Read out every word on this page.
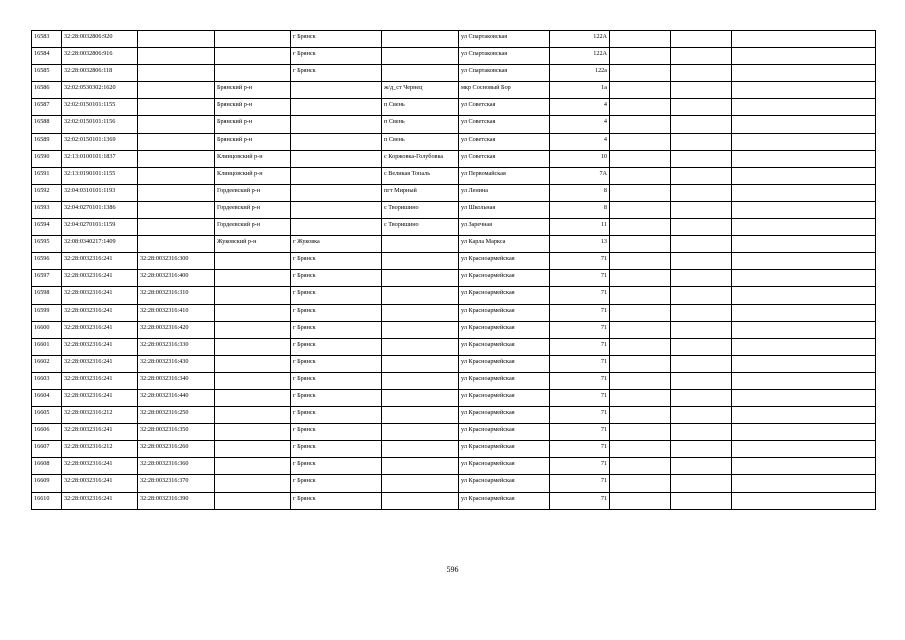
16583	32:28:0032806:920			г Брянск		ул Спартаковская	122А			
16584	32:28:0032806:916			г Брянск		ул Спартаковская	122А			
16585	32:28:0032806:118			г Брянск		ул Спартаковская	122а			
16586	32:02:0530302:1620		Брянский р-н		ж/д_ст Чернец	мкр Сосновый Бор	1а			
16587	32:02:0150101:1155		Брянский р-н		п Свень	ул Советская	4			
16588	32:02:0150101:1156		Брянский р-н		п Свень	ул Советская	4			
16589	32:02:0150101:1369		Брянский р-н		п Свень	ул Советская	4			
16590	32:13:0100101:1837		Клинцовский р-н		с Коржовка-Голубовка	ул Советская	10			
16591	32:13:0190101:1155		Клинцовский р-н		с Великая Топаль	ул Первомайская	7А			
16592	32:04:0310101:1193		Гордеевский р-н		пгт Мирный	ул Ленина	8			
16593	32:04:0270101:1386		Гордеевский р-н		с Творишино	ул Школьная	8			
16594	32:04:0270101:1159		Гордеевский р-н		с Творишино	ул Заречная	11			
16595	32:08:0340217:1409		Жуковский р-н	г Жуковка		ул Карла Маркса	13			
16596	32:28:0032316:241	32:28:0032316:300		г Брянск		ул Красноармейская	71			
16597	32:28:0032316:241	32:28:0032316:400		г Брянск		ул Красноармейская	71			
16598	32:28:0032316:241	32:28:0032316:310		г Брянск		ул Красноармейская	71			
16599	32:28:0032316:241	32:28:0032316:410		г Брянск		ул Красноармейская	71			
16600	32:28:0032316:241	32:28:0032316:420		г Брянск		ул Красноармейская	71			
16601	32:28:0032316:241	32:28:0032316:330		г Брянск		ул Красноармейская	71			
16602	32:28:0032316:241	32:28:0032316:430		г Брянск		ул Красноармейская	71			
16603	32:28:0032316:241	32:28:0032316:340		г Брянск		ул Красноармейская	71			
16604	32:28:0032316:241	32:28:0032316:440		г Брянск		ул Красноармейская	71			
16605	32:28:0032316:212	32:28:0032316:250		г Брянск		ул Красноармейская	71			
16606	32:28:0032316:241	32:28:0032316:350		г Брянск		ул Красноармейская	71			
16607	32:28:0032316:212	32:28:0032316:260		г Брянск		ул Красноармейская	71			
16608	32:28:0032316:241	32:28:0032316:360		г Брянск		ул Красноармейская	71			
16609	32:28:0032316:241	32:28:0032316:370		г Брянск		ул Красноармейская	71			
16610	32:28:0032316:241	32:28:0032316:390		г Брянск		ул Красноармейская	71			
596
